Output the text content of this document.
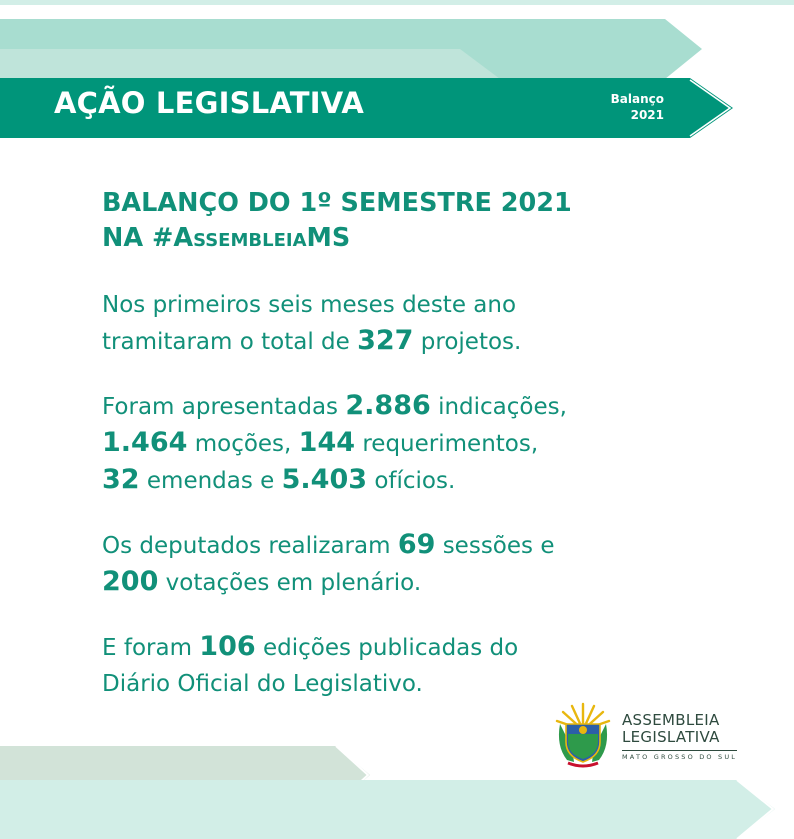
AÇÃO LEGISLATIVA	Balanço
2021
BALANÇO DO 1º SEMESTRE 2021
NA #ASSEMBLEIAMS

Nos primeiros seis meses deste ano
tramitaram o total de 327 projetos.

Foram apresentadas 2.886 indicações,
1.464 moções, 144 requerimentos,
32 emendas e 5.403 ofícios.

Os deputados realizaram 69 sessões e
200 votações em plenário.

E foram 106 edições publicadas do
Diário Oficial do Legislativo.

ASSEMBLEIA
LEGISLATIVA
MATO GROSSO DO SUL
